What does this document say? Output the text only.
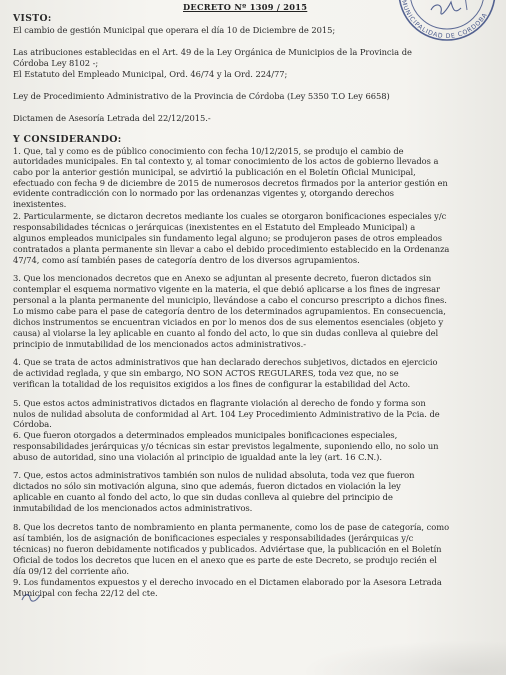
DECRETO Nº 1309 / 2015	MUNICIPALIDAD DE CORDOBA
VISTO:
El cambio de gestión Municipal que operara el día 10 de Diciembre de 2015;
Las atribuciones establecidas en el Art. 49 de la Ley Orgánica de Municipios de la Provincia de
Córdoba Ley 8102 -;
El Estatuto del Empleado Municipal, Ord. 46/74 y la Ord. 224/77;
Ley de Procedimiento Administrativo de la Provincia de Córdoba (Ley 5350 T.O Ley 6658)
Dictamen de Asesoría Letrada del 22/12/2015.-
Y CONSIDERANDO:
1. Que, tal y como es de público conocimiento con fecha 10/12/2015, se produjo el cambio de
autoridades municipales. En tal contexto y, al tomar conocimiento de los actos de gobierno llevados a
cabo por la anterior gestión municipal, se advirtió la publicación en el Boletín Oficial Municipal,
efectuado con fecha 9 de diciembre de 2015 de numerosos decretos firmados por la anterior gestión en
evidente contradicción con lo normado por las ordenanzas vigentes y, otorgando derechos
inexistentes.
2. Particularmente, se dictaron decretos mediante los cuales se otorgaron bonificaciones especiales y/c
responsabilidades técnicas o jerárquicas (inexistentes en el Estatuto del Empleado Municipal) a
algunos empleados municipales sin fundamento legal alguno; se produjeron pases de otros empleados
contratados a planta permanente sin llevar a cabo el debido procedimiento establecido en la Ordenanza
47/74, como así también pases de categoría dentro de los diversos agrupamientos.
3. Que los mencionados decretos que en Anexo se adjuntan al presente decreto, fueron dictados sin
contemplar el esquema normativo vigente en la materia, el que debió aplicarse a los fines de ingresar
personal a la planta permanente del municipio, llevándose a cabo el concurso prescripto a dichos fines.
Lo mismo cabe para el pase de categoría dentro de los determinados agrupamientos. En consecuencia,
dichos instrumentos se encuentran viciados en por lo menos dos de sus elementos esenciales (objeto y
causa) al violarse la ley aplicable en cuanto al fondo del acto, lo que sin dudas conlleva al quiebre del
principio de inmutabilidad de los mencionados actos administrativos.-
4. Que se trata de actos administrativos que han declarado derechos subjetivos, dictados en ejercicio
de actividad reglada, y que sin embargo, NO SON ACTOS REGULARES, toda vez que, no se
verifican la totalidad de los requisitos exigidos a los fines de configurar la estabilidad del Acto.
5. Que estos actos administrativos dictados en flagrante violación al derecho de fondo y forma son
nulos de nulidad absoluta de conformidad al Art. 104 Ley Procedimiento Administrativo de la Pcia. de
Córdoba.
6. Que fueron otorgados a determinados empleados municipales bonificaciones especiales,
responsabilidades jerárquicas y/o técnicas sin estar previstos legalmente, suponiendo ello, no solo un
abuso de autoridad, sino una violación al principio de igualdad ante la ley (art. 16 C.N.).
7. Que, estos actos administrativos también son nulos de nulidad absoluta, toda vez que fueron
dictados no sólo sin motivación alguna, sino que además, fueron dictados en violación la ley
aplicable en cuanto al fondo del acto, lo que sin dudas conlleva al quiebre del principio de
inmutabilidad de los mencionados actos administrativos.
8. Que los decretos tanto de nombramiento en planta permanente, como los de pase de categoría, como
así también, los de asignación de bonificaciones especiales y responsabilidades (jerárquicas y/c
técnicas) no fueron debidamente notificados y publicados. Adviértase que, la publicación en el Boletín
Oficial de todos los decretos que lucen en el anexo que es parte de este Decreto, se produjo recién el
día 09/12 del corriente año.
9. Los fundamentos expuestos y el derecho invocado en el Dictamen elaborado por la Asesora Letrada
Municipal con fecha 22/12 del cte.
